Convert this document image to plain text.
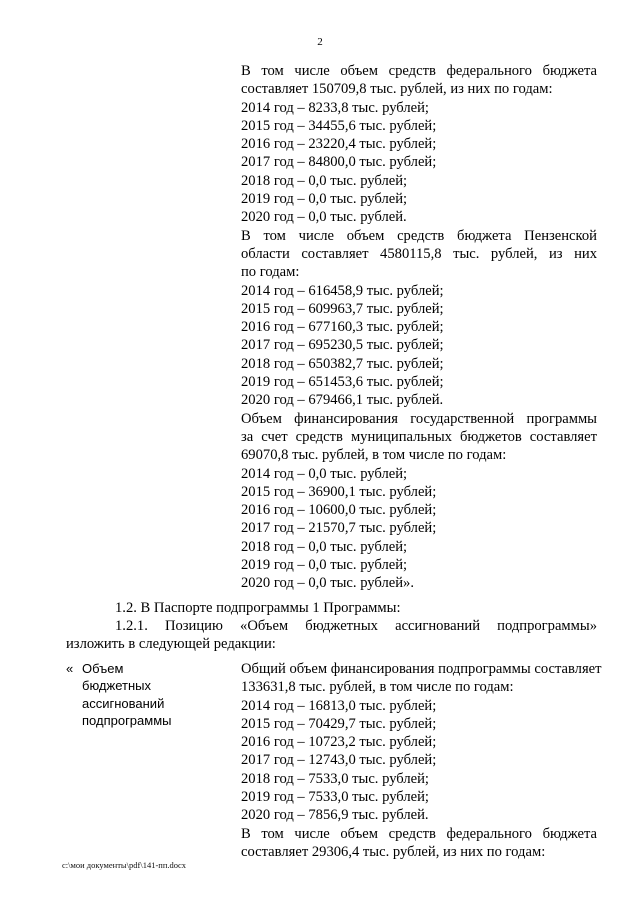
2
В том числе объем средств федерального бюджета
составляет 150709,8 тыс. рублей, из них по годам:
2014 год – 8233,8 тыс. рублей;
2015 год – 34455,6 тыс. рублей;
2016 год – 23220,4 тыс. рублей;
2017 год – 84800,0 тыс. рублей;
2018 год – 0,0 тыс. рублей;
2019 год – 0,0 тыс. рублей;
2020 год – 0,0 тыс. рублей.
В том числе объем средств бюджета Пензенской
области составляет 4580115,8 тыс. рублей, из них
по годам:
2014 год – 616458,9 тыс. рублей;
2015 год – 609963,7 тыс. рублей;
2016 год – 677160,3 тыс. рублей;
2017 год – 695230,5 тыс. рублей;
2018 год – 650382,7 тыс. рублей;
2019 год – 651453,6 тыс. рублей;
2020 год – 679466,1 тыс. рублей.
Объем финансирования государственной программы
за счет средств муниципальных бюджетов составляет
69070,8 тыс. рублей, в том числе по годам:
2014 год – 0,0 тыс. рублей;
2015 год – 36900,1 тыс. рублей;
2016 год – 10600,0 тыс. рублей;
2017 год – 21570,7 тыс. рублей;
2018 год – 0,0 тыс. рублей;
2019 год – 0,0 тыс. рублей;
2020 год – 0,0 тыс. рублей».
1.2. В Паспорте подпрограммы 1 Программы:
1.2.1. Позицию «Объем бюджетных ассигнований подпрограммы»
изложить в следующей редакции:
« Объем
бюджетных
ассигнований
подпрограммы
Общий объем финансирования подпрограммы составляет
133631,8 тыс. рублей, в том числе по годам:
2014 год – 16813,0 тыс. рублей;
2015 год – 70429,7 тыс. рублей;
2016 год – 10723,2 тыс. рублей;
2017 год – 12743,0 тыс. рублей;
2018 год – 7533,0 тыс. рублей;
2019 год – 7533,0 тыс. рублей;
2020 год – 7856,9 тыс. рублей.
В том числе объем средств федерального бюджета
составляет 29306,4 тыс. рублей, из них по годам:
c:\мои документы\pdf\141-пп.docx
